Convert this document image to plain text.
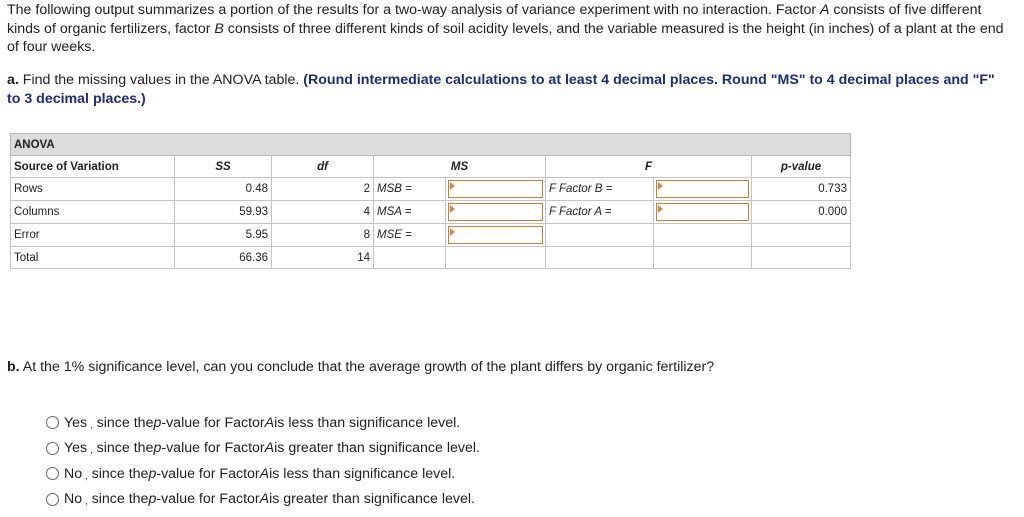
The following output summarizes a portion of the results for a two-way analysis of variance experiment with no interaction. Factor A consists of five different kinds of organic fertilizers, factor B consists of three different kinds of soil acidity levels, and the variable measured is the height (in inches) of a plant at the end of four weeks.
a. Find the missing values in the ANOVA table. (Round intermediate calculations to at least 4 decimal places. Round "MS" to 4 decimal places and "F" to 3 decimal places.)
ANOVA							
Source of Variation	SS	df	MS		F		p-value
Rows	0.48	2	MSB =		F Factor B =		0.733
Columns	59.93	4	MSA =		F Factor A =		0.000
Error	5.95	8	MSE =	

Total	66.36	14					
b. At the 1% significance level, can you conclude that the average growth of the plant differs by organic fertilizer?
Yes , since the p -value for Factor A is less than significance level.
Yes , since the p -value for Factor A is greater than significance level.
No , since the p -value for Factor A is less than significance level.
No , since the p -value for Factor A is greater than significance level.
